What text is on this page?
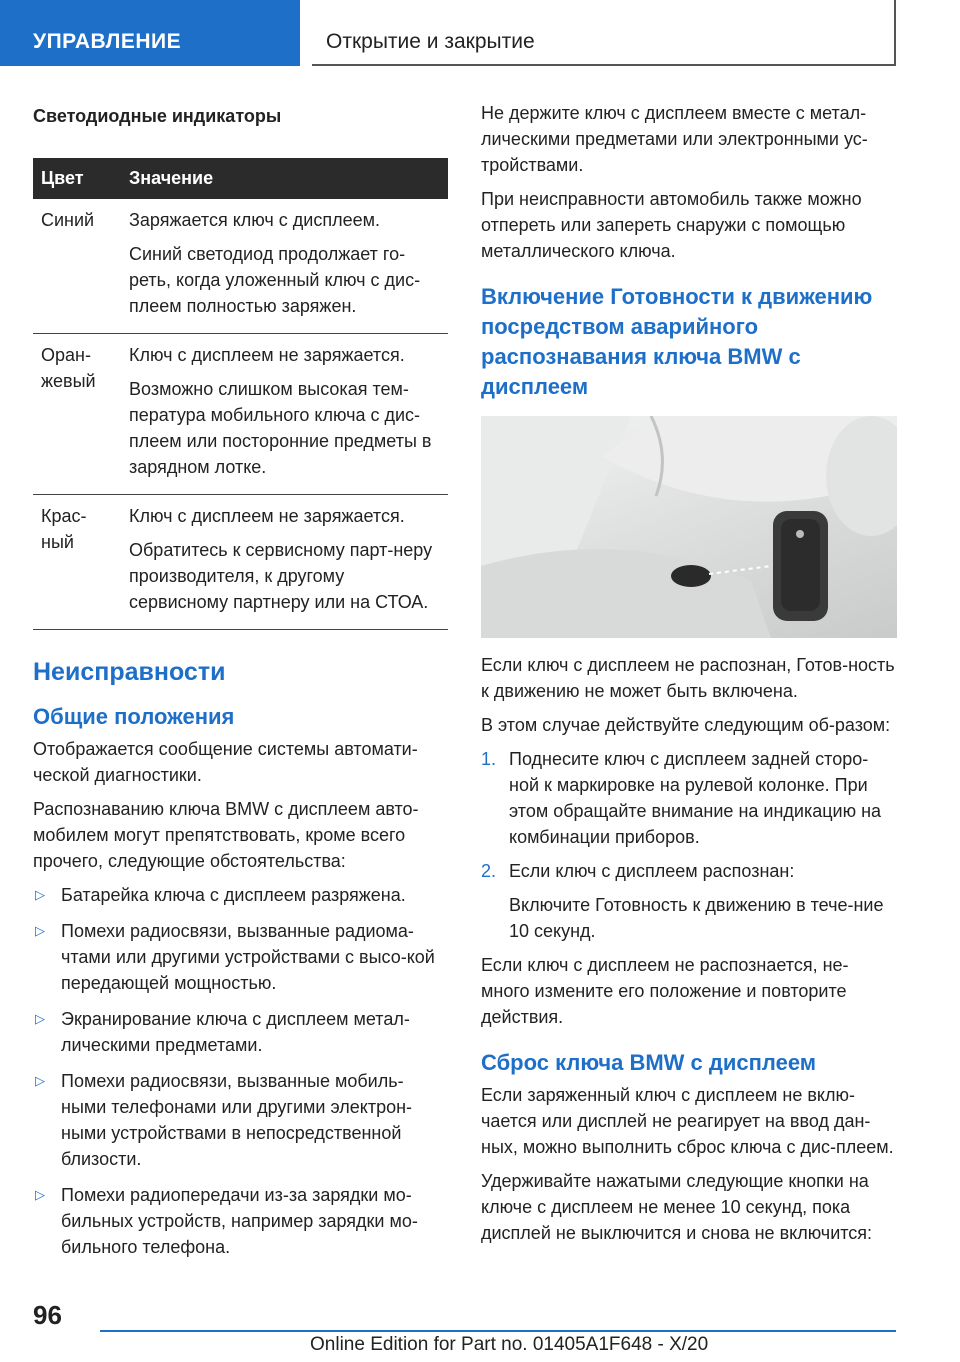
УПРАВЛЕНИЕ	Открытие и закрытие
Светодиодные индикаторы
Цвет	Значение
Синий	Заряжается ключ с дисплеем.

Синий светодиод продолжает го-реть, когда уложенный ключ с дис-плеем полностью заряжен.

Оран-жевый	Ключ с дисплеем не заряжается.

Возможно слишком высокая тем-пература мобильного ключа с дис-плеем или посторонние предметы в зарядном лотке.

Крас-ный	Ключ с дисплеем не заряжается.

Обратитесь к сервисному парт-неру производителя, к другому сервисному партнеру или на СТОА.

Неисправности
Общие положения

Отображается сообщение системы автомати-ческой диагностики.

Распознаванию ключа BMW с дисплеем авто-мобилем могут препятствовать, кроме всего прочего, следующие обстоятельства:

▷ Батарейка ключа с дисплеем разряжена.
▷ Помехи радиосвязи, вызванные радиома-чтами или другими устройствами с высо-кой передающей мощностью.
▷ Экранирование ключа с дисплеем метал-лическими предметами.
▷ Помехи радиосвязи, вызванные мобиль-ными телефонами или другими электрон-ными устройствами в непосредственной близости.
▷ Помехи радиопередачи из-за зарядки мо-бильных устройств, например зарядки мо-бильного телефона.

Не держите ключ с дисплеем вместе с метал-лическими предметами или электронными ус-тройствами.

При неисправности автомобиль также можно отпереть или запереть снаружи с помощью металлического ключа.

Включение Готовности к движению посредством аварийного распознавания ключа BMW с дисплеем

Если ключ с дисплеем не распознан, Готов-ность к движению не может быть включена.

В этом случае действуйте следующим об-разом:

1. Поднесите ключ с дисплеем задней сторо-ной к маркировке на рулевой колонке. При этом обращайте внимание на индикацию на комбинации приборов.
2. Если ключ с дисплеем распознан:

Включите Готовность к движению в тече-ние 10 секунд.

Если ключ с дисплеем не распознается, не-много измените его положение и повторите действия.

Сброс ключа BMW с дисплеем

Если заряженный ключ с дисплеем не вклю-чается или дисплей не реагирует на ввод дан-ных, можно выполнить сброс ключа с дис-плеем.

Удерживайте нажатыми следующие кнопки на ключе с дисплеем не менее 10 секунд, пока дисплей не выключится и снова не включится:

96
Online Edition for Part no. 01405A1F648 - X/20
